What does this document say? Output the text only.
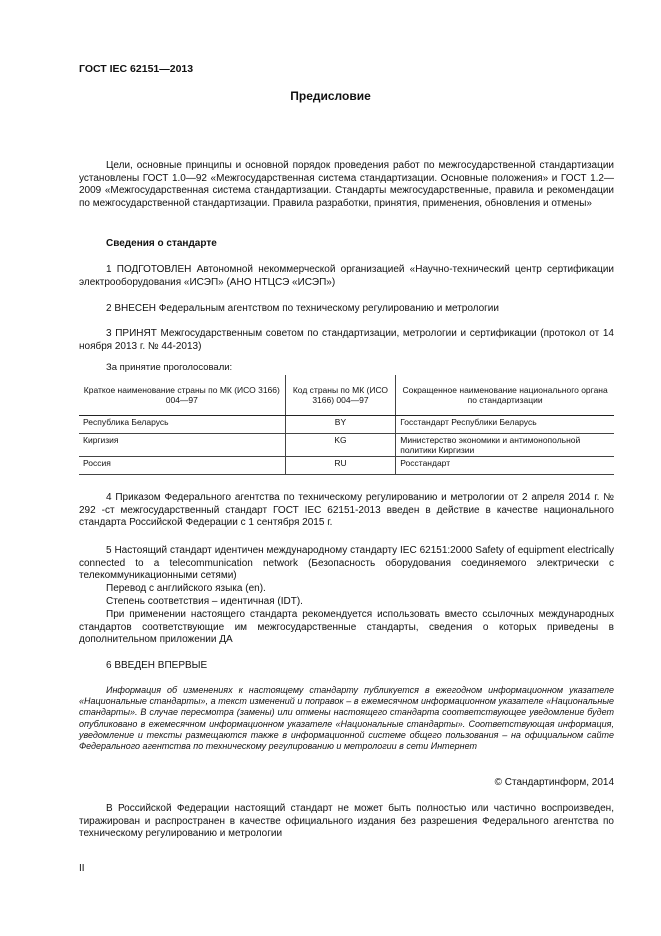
ГОСТ IEC 62151—2013
Предисловие

Цели, основные принципы и основной порядок проведения работ по межгосударственной стандартизации установлены ГОСТ 1.0—92 «Межгосударственная система стандартизации. Основные положения» и ГОСТ 1.2—2009 «Межгосударственная система стандартизации. Стандарты межгосударственные, правила и рекомендации по межгосударственной стандартизации. Правила разработки, принятия, применения, обновления и отмены»

Сведения о стандарте

1 ПОДГОТОВЛЕН Автономной некоммерческой организацией «Научно-технический центр сертификации электрооборудования «ИСЭП» (АНО НТЦСЭ «ИСЭП»)

2 ВНЕСЕН Федеральным агентством по техническому регулированию и метрологии

3 ПРИНЯТ Межгосударственным советом по стандартизации, метрологии и сертификации (протокол от 14 ноября 2013 г. № 44-2013)

За принятие проголосовали:
Краткое наименование страны по МК (ИСО 3166) 004—97	Код страны по МК (ИСО 3166) 004—97	Сокращенное наименование национального органа по стандартизации
Республика Беларусь	BY	Госстандарт Республики Беларусь
Киргизия	KG	Министерство экономики и антимонопольной политики Киргизии
Россия	RU	Росстандарт

4 Приказом Федерального агентства по техническому регулированию и метрологии от 2 апреля 2014 г. № 292 -ст межгосударственный стандарт ГОСТ IEC 62151-2013 введен в действие в качестве национального стандарта Российской Федерации с 1 сентября 2015 г.

5 Настоящий стандарт идентичен международному стандарту IEC 62151:2000 Safety of equipment electrically connected to a telecommunication network (Безопасность оборудования соединяемого электрически с телекоммуникационными сетями)

Перевод с английского языка (en).
Степень соответствия – идентичная (IDT).

При применении настоящего стандарта рекомендуется использовать вместо ссылочных международных стандартов соответствующие им межгосударственные стандарты, сведения о которых приведены в дополнительном приложении ДА

6 ВВЕДЕН ВПЕРВЫЕ

Информация об изменениях к настоящему стандарту публикуется в ежегодном информационном указателе «Национальные стандарты», а текст изменений и поправок – в ежемесячном информационном указателе «Национальные стандарты». В случае пересмотра (замены) или отмены настоящего стандарта соответствующее уведомление будет опубликовано в ежемесячном информационном указателе «Национальные стандарты». Соответствующая информация, уведомление и тексты размещаются также в информационной системе общего пользования – на официальном сайте Федерального агентства по техническому регулированию и метрологии в сети Интернет

© Стандартинформ, 2014

В Российской Федерации настоящий стандарт не может быть полностью или частично воспроизведен, тиражирован и распространен в качестве официального издания без разрешения Федерального агентства по техническому регулированию и метрологии

II
